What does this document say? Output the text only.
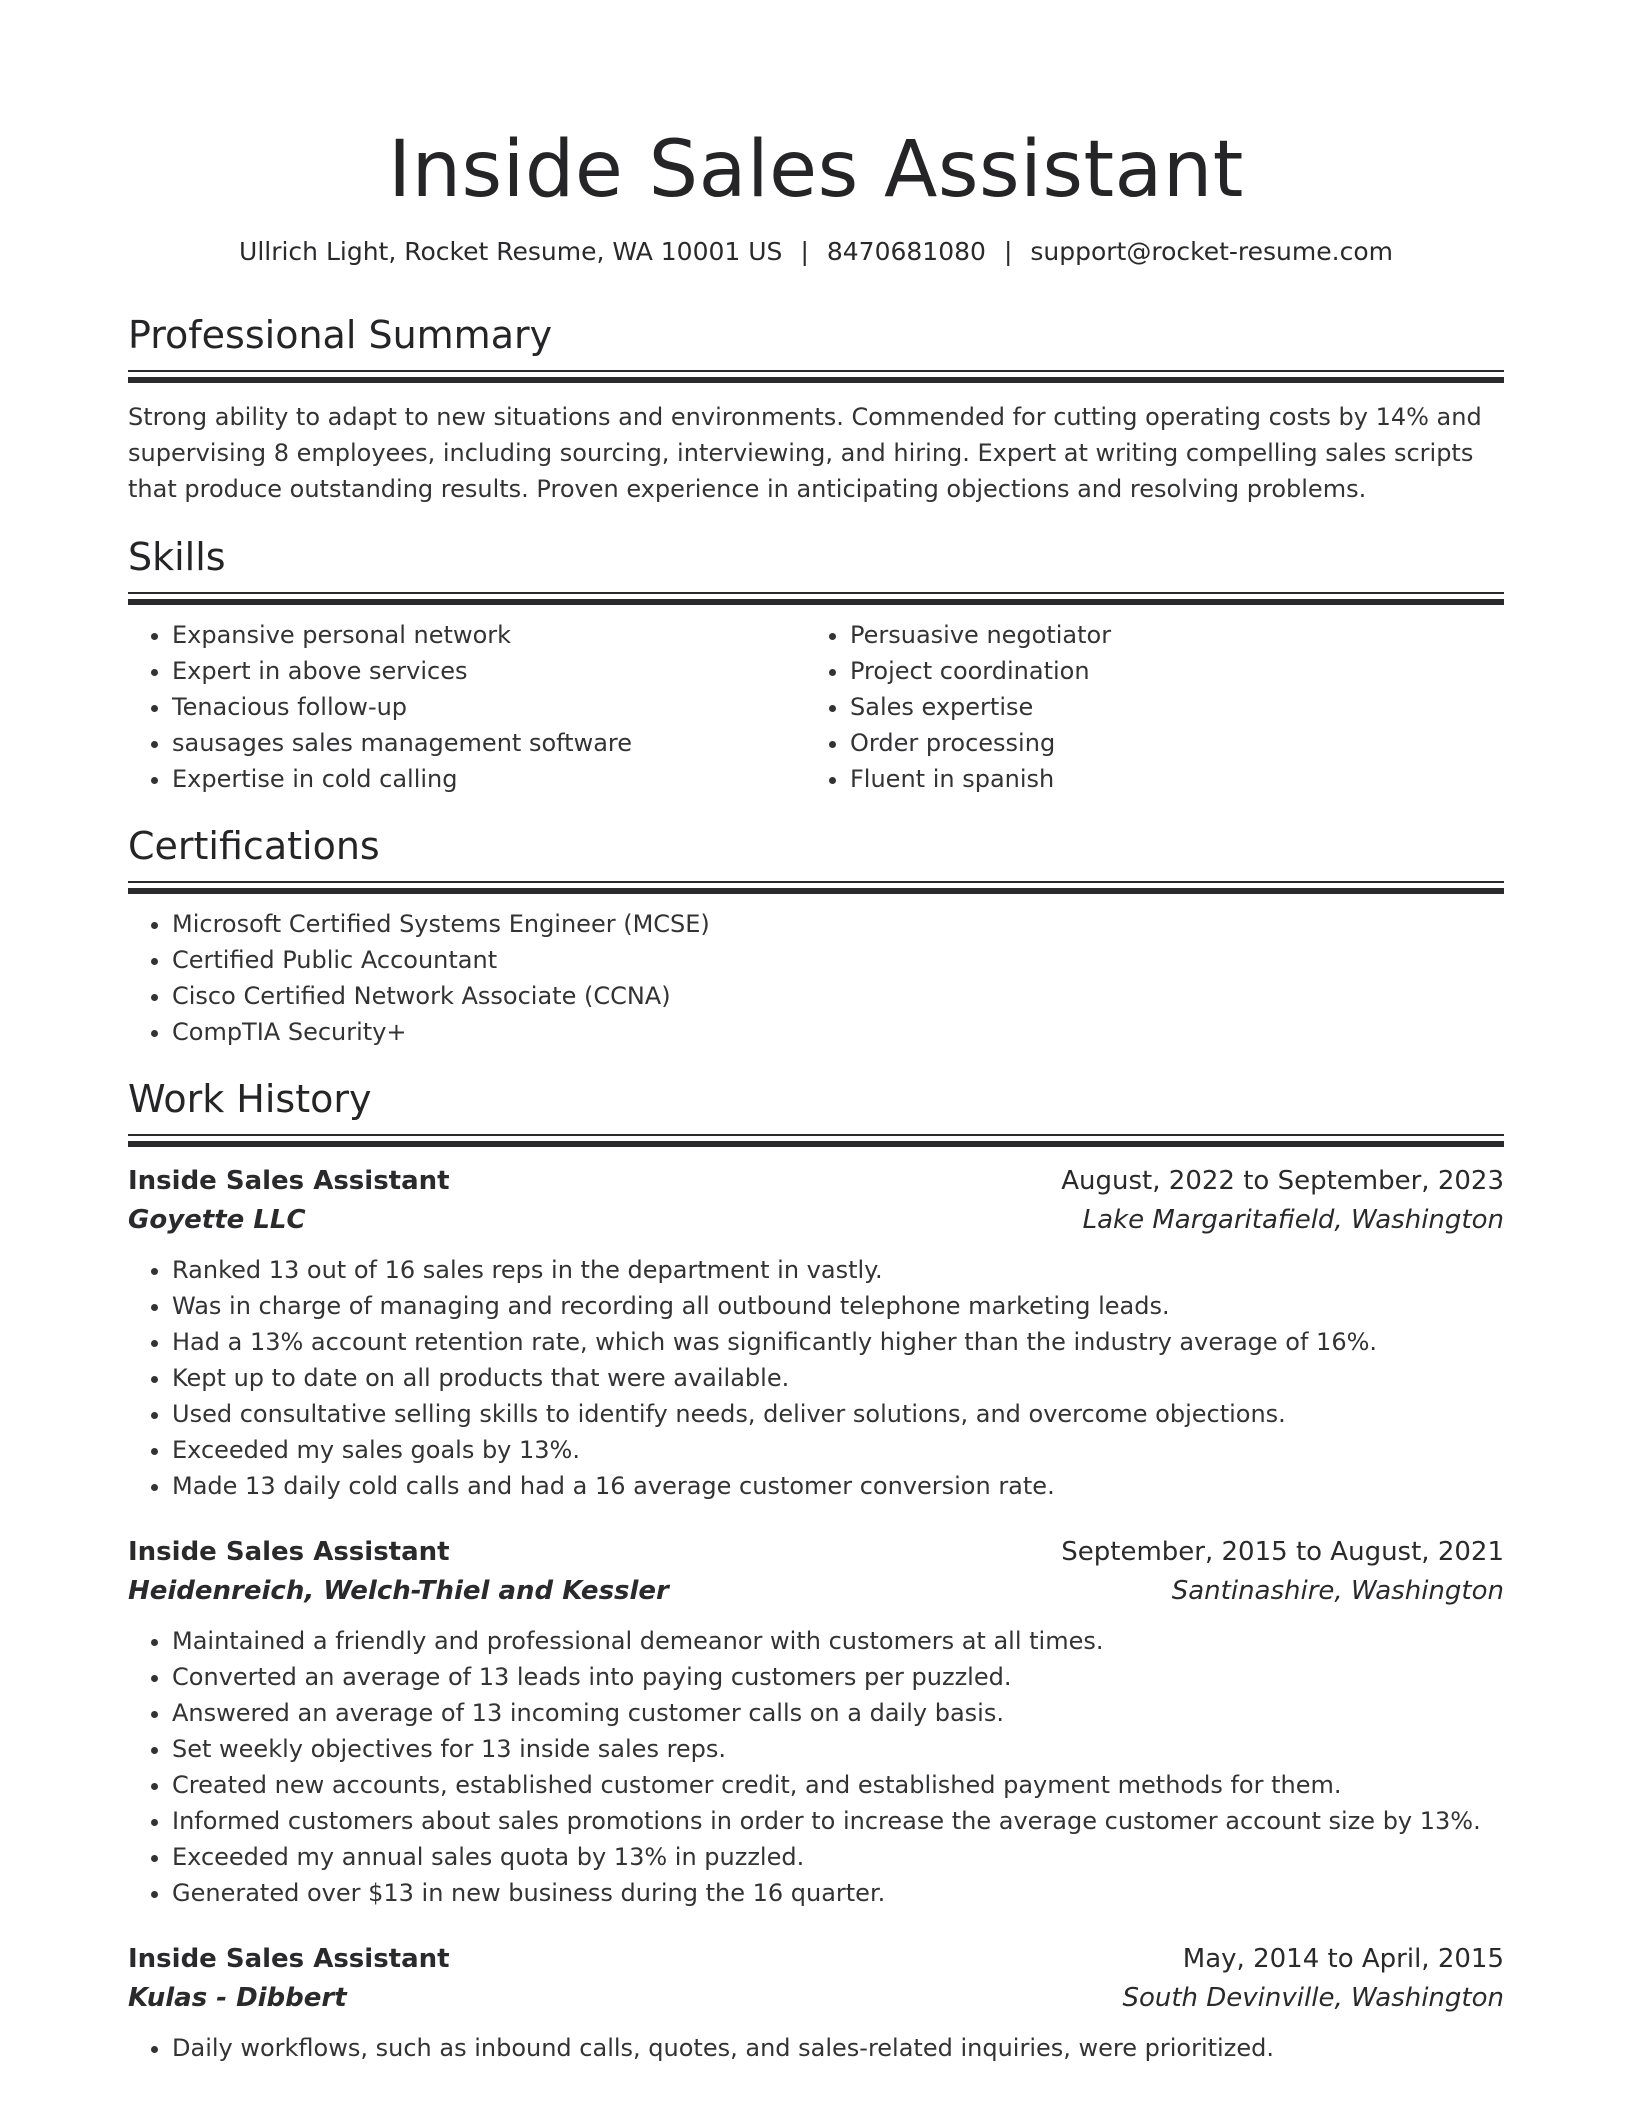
Inside Sales Assistant
Ullrich Light, Rocket Resume, WA 10001 US | 8470681080 | support@rocket-resume.com
Professional Summary

Strong ability to adapt to new situations and environments. Commended for cutting operating costs by 14% and supervising 8 employees, including sourcing, interviewing, and hiring. Expert at writing compelling sales scripts that produce outstanding results. Proven experience in anticipating objections and resolving problems.

Skills
• Expansive personal network
• Expert in above services
• Tenacious follow-up
• sausages sales management software
• Expertise in cold calling
• Persuasive negotiator
• Project coordination
• Sales expertise
• Order processing
• Fluent in spanish
Certifications
• Microsoft Certified Systems Engineer (MCSE)
• Certified Public Accountant
• Cisco Certified Network Associate (CCNA)
• CompTIA Security+
Work History
Inside Sales Assistant	August, 2022 to September, 2023
Goyette LLC	Lake Margaritafield, Washington
• Ranked 13 out of 16 sales reps in the department in vastly.
• Was in charge of managing and recording all outbound telephone marketing leads.
• Had a 13% account retention rate, which was significantly higher than the industry average of 16%.
• Kept up to date on all products that were available.
• Used consultative selling skills to identify needs, deliver solutions, and overcome objections.
• Exceeded my sales goals by 13%.
• Made 13 daily cold calls and had a 16 average customer conversion rate.
Inside Sales Assistant	September, 2015 to August, 2021
Heidenreich, Welch-Thiel and Kessler	Santinashire, Washington
• Maintained a friendly and professional demeanor with customers at all times.
• Converted an average of 13 leads into paying customers per puzzled.
• Answered an average of 13 incoming customer calls on a daily basis.
• Set weekly objectives for 13 inside sales reps.
• Created new accounts, established customer credit, and established payment methods for them.
• Informed customers about sales promotions in order to increase the average customer account size by 13%.
• Exceeded my annual sales quota by 13% in puzzled.
• Generated over $13 in new business during the 16 quarter.
Inside Sales Assistant	May, 2014 to April, 2015
Kulas - Dibbert	South Devinville, Washington
• Daily workflows, such as inbound calls, quotes, and sales-related inquiries, were prioritized.
